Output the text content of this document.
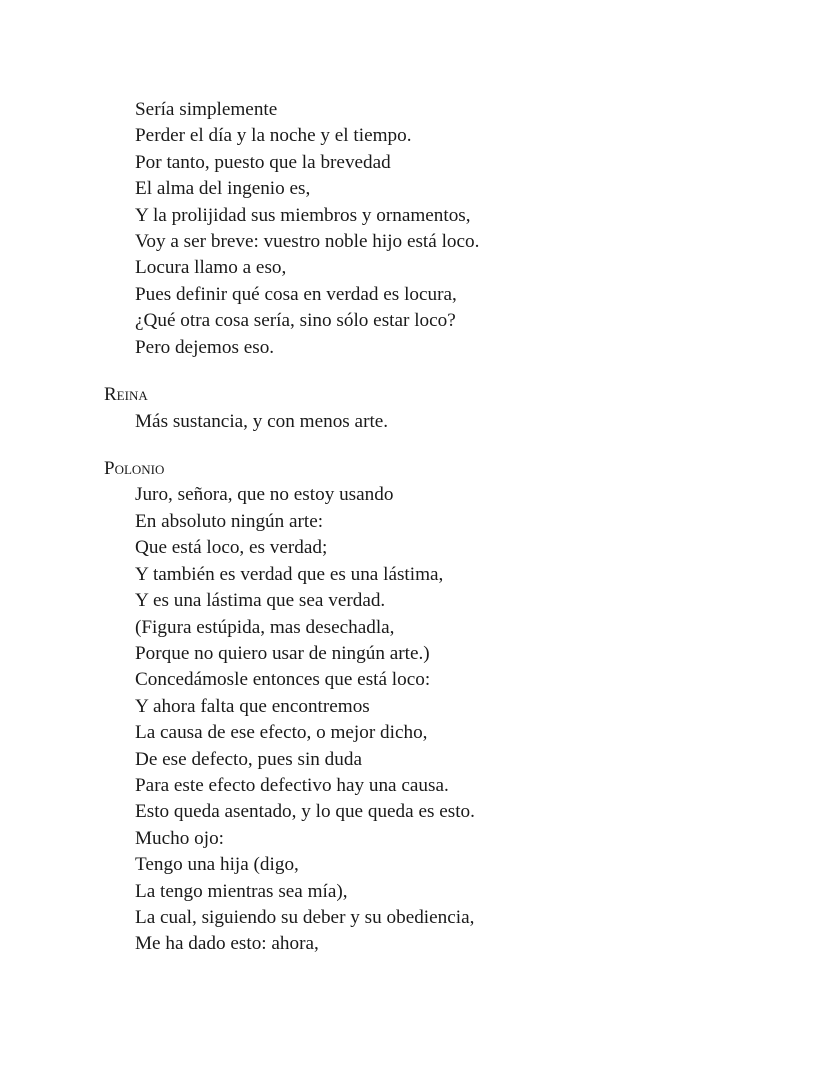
Sería simplemente
Perder el día y la noche y el tiempo.
Por tanto, puesto que la brevedad
El alma del ingenio es,
Y la prolijidad sus miembros y ornamentos,
Voy a ser breve: vuestro noble hijo está loco.
Locura llamo a eso,
Pues definir qué cosa en verdad es locura,
¿Qué otra cosa sería, sino sólo estar loco?
Pero dejemos eso.
Reina
Más sustancia, y con menos arte.
Polonio
Juro, señora, que no estoy usando
En absoluto ningún arte:
Que está loco, es verdad;
Y también es verdad que es una lástima,
Y es una lástima que sea verdad.
(Figura estúpida, mas desechadla,
Porque no quiero usar de ningún arte.)
Concedámosle entonces que está loco:
Y ahora falta que encontremos
La causa de ese efecto, o mejor dicho,
De ese defecto, pues sin duda
Para este efecto defectivo hay una causa.
Esto queda asentado, y lo que queda es esto.
Mucho ojo:
Tengo una hija (digo,
La tengo mientras sea mía),
La cual, siguiendo su deber y su obediencia,
Me ha dado esto: ahora,
